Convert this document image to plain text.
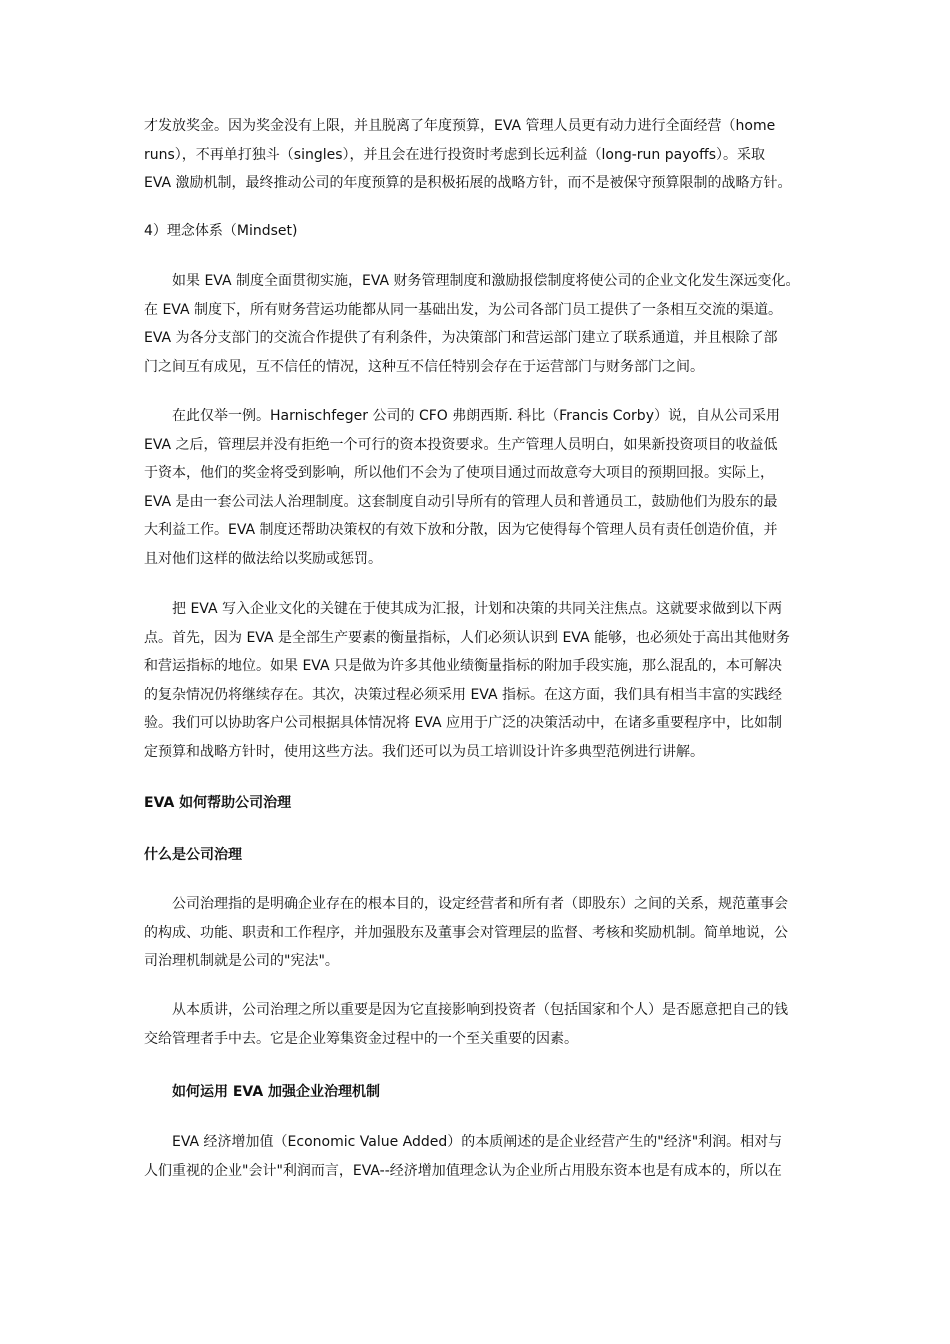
才发放奖金。因为奖金没有上限，并且脱离了年度预算，EVA 管理人员更有动力进行全面经营（home
runs），不再单打独斗（singles），并且会在进行投资时考虑到长远利益（long-run payoffs）。采取
EVA 激励机制，最终推动公司的年度预算的是积极拓展的战略方针，而不是被保守预算限制的战略方针。

4）理念体系（Mindset)

如果 EVA 制度全面贯彻实施，EVA 财务管理制度和激励报偿制度将使公司的企业文化发生深远变化。
在 EVA 制度下，所有财务营运功能都从同一基础出发，为公司各部门员工提供了一条相互交流的渠道。
EVA 为各分支部门的交流合作提供了有利条件，为决策部门和营运部门建立了联系通道，并且根除了部
门之间互有成见，互不信任的情况，这种互不信任特别会存在于运营部门与财务部门之间。

在此仅举一例。Harnischfeger 公司的 CFO 弗朗西斯. 科比（Francis Corby）说，自从公司采用
EVA 之后，管理层并没有拒绝一个可行的资本投资要求。生产管理人员明白，如果新投资项目的收益低
于资本，他们的奖金将受到影响，所以他们不会为了使项目通过而故意夸大项目的预期回报。实际上，
EVA 是由一套公司法人治理制度。这套制度自动引导所有的管理人员和普通员工，鼓励他们为股东的最
大利益工作。EVA 制度还帮助决策权的有效下放和分散，因为它使得每个管理人员有责任创造价值，并
且对他们这样的做法给以奖励或惩罚。

把 EVA 写入企业文化的关键在于使其成为汇报，计划和决策的共同关注焦点。这就要求做到以下两
点。首先，因为 EVA 是全部生产要素的衡量指标，人们必须认识到 EVA 能够，也必须处于高出其他财务
和营运指标的地位。如果 EVA 只是做为许多其他业绩衡量指标的附加手段实施，那么混乱的，本可解决
的复杂情况仍将继续存在。其次，决策过程必须采用 EVA 指标。在这方面，我们具有相当丰富的实践经
验。我们可以协助客户公司根据具体情况将 EVA 应用于广泛的决策活动中，在诸多重要程序中，比如制
定预算和战略方针时，使用这些方法。我们还可以为员工培训设计许多典型范例进行讲解。

EVA 如何帮助公司治理

什么是公司治理

公司治理指的是明确企业存在的根本目的，设定经营者和所有者（即股东）之间的关系，规范董事会
的构成、功能、职责和工作程序，并加强股东及董事会对管理层的监督、考核和奖励机制。简单地说，公
司治理机制就是公司的"宪法"。

从本质讲，公司治理之所以重要是因为它直接影响到投资者（包括国家和个人）是否愿意把自己的钱
交给管理者手中去。它是企业筹集资金过程中的一个至关重要的因素。

如何运用 EVA 加强企业治理机制

EVA 经济增加值（Economic Value Added）的本质阐述的是企业经营产生的"经济"利润。相对与
人们重视的企业"会计"利润而言，EVA--经济增加值理念认为企业所占用股东资本也是有成本的，所以在
